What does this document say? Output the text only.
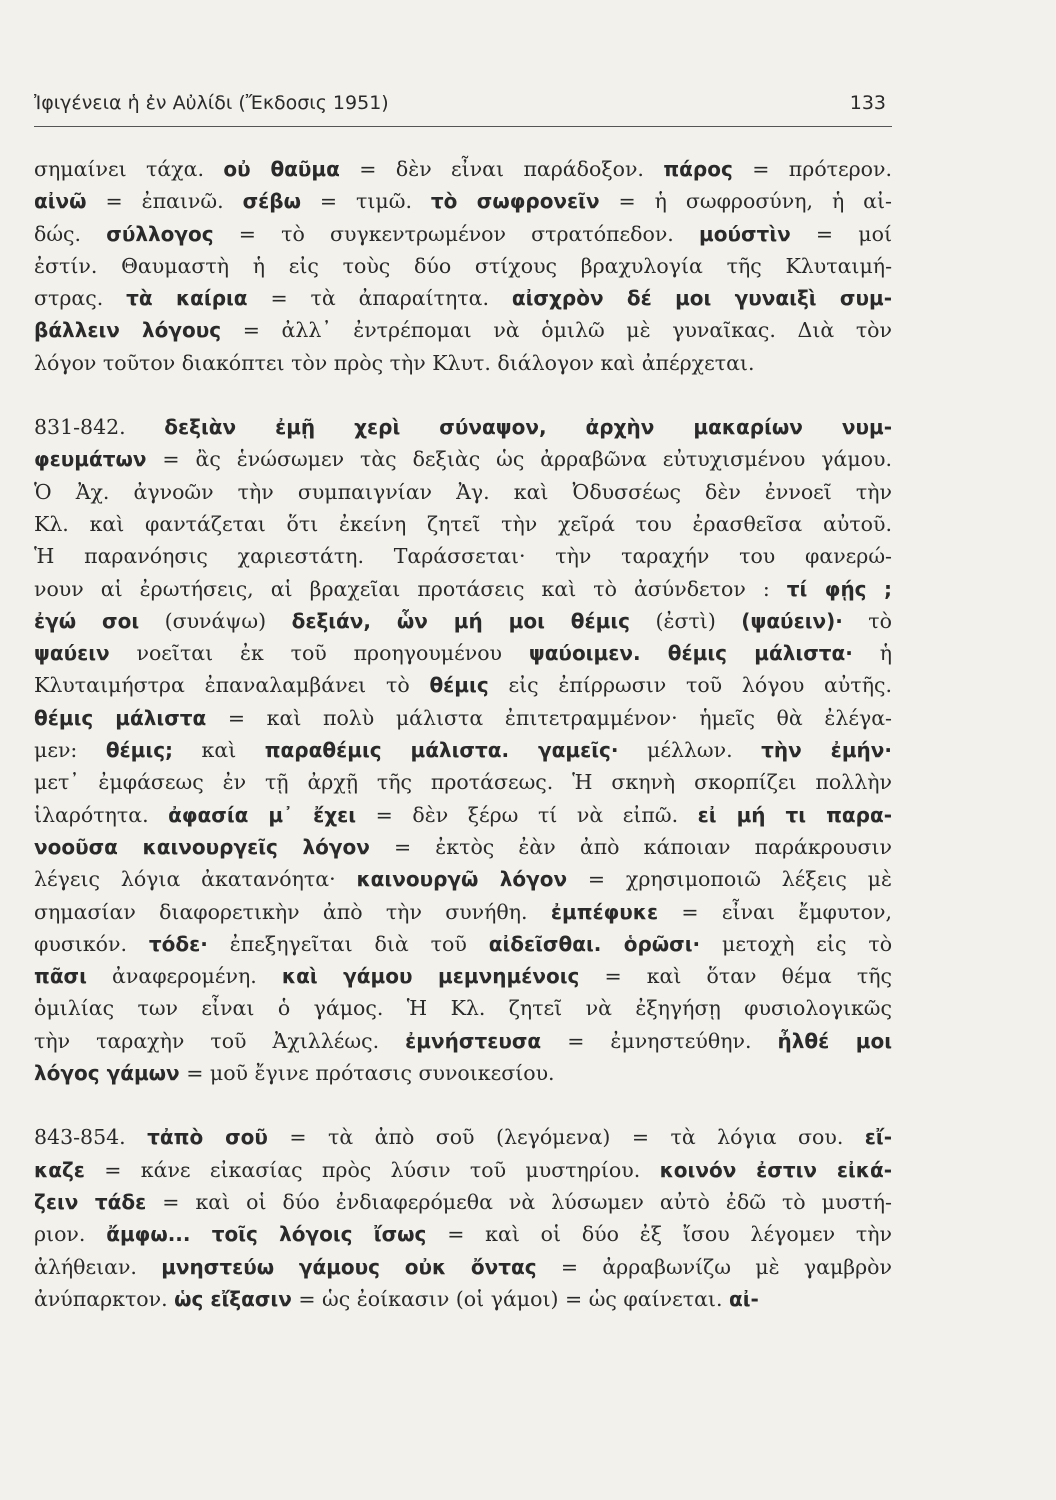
Ἰφιγένεια ἡ ἐν Αὐλίδι (Ἔκδοσις 1951)	133

σημαίνει τάχα. οὐ θαῦμα = δὲν εἶναι παράδοξον. πάρος = πρότερον.
αἰνῶ = ἐπαινῶ. σέβω = τιμῶ. τὸ σωφρονεῖν = ἡ σωφροσύνη, ἡ αἰ-
δώς. σύλλογος = τὸ συγκεντρωμένον στρατόπεδον. μούστὶν = μοί
ἐστίν. Θαυμαστὴ ἡ εἰς τοὺς δύο στίχους βραχυλογία τῆς Κλυταιμή-
στρας. τὰ καίρια = τὰ ἀπαραίτητα. αἰσχρὸν δέ μοι γυναιξὶ συμ-
βάλλειν λόγους = ἀλλ᾽ ἐντρέπομαι νὰ ὁμιλῶ μὲ γυναῖκας. Διὰ τὸν
λόγον τοῦτον διακόπτει τὸν πρὸς τὴν Κλυτ. διάλογον καὶ ἀπέρχεται.

831-842. δεξιὰν ἐμῇ χερὶ σύναψον, ἀρχὴν μακαρίων νυμ-
φευμάτων = ἂς ἑνώσωμεν τὰς δεξιὰς ὡς ἀρραβῶνα εὐτυχισμένου γάμου.
Ὁ Ἀχ. ἀγνοῶν τὴν συμπαιγνίαν Ἀγ. καὶ Ὀδυσσέως δὲν ἐννοεῖ τὴν
Κλ. καὶ φαντάζεται ὅτι ἐκείνη ζητεῖ τὴν χεῖρά του ἐρασθεῖσα αὐτοῦ.
Ἡ παρανόησις χαριεστάτη. Ταράσσεται· τὴν ταραχήν του φανερώ-
νουν αἱ ἐρωτήσεις, αἱ βραχεῖαι προτάσεις καὶ τὸ ἀσύνδετον : τί φῄς ;
ἐγώ σοι (συνάψω) δεξιάν, ὧν μή μοι θέμις (ἐστὶ) (ψαύειν)· τὸ
ψαύειν νοεῖται ἐκ τοῦ προηγουμένου ψαύοιμεν. θέμις μάλιστα· ἡ
Κλυταιμήστρα ἐπαναλαμβάνει τὸ θέμις εἰς ἐπίρρωσιν τοῦ λόγου αὐτῆς.
θέμις μάλιστα = καὶ πολὺ μάλιστα ἐπιτετραμμένον· ἡμεῖς θὰ ἐλέγα-
μεν: θέμις; καὶ παραθέμις μάλιστα. γαμεῖς· μέλλων. τὴν ἐμήν·
μετ᾽ ἐμφάσεως ἐν τῇ ἀρχῇ τῆς προτάσεως. Ἡ σκηνὴ σκορπίζει πολλὴν
ἱλαρότητα. ἀφασία μ᾽ ἔχει = δὲν ξέρω τί νὰ εἰπῶ. εἰ μή τι παρα-
νοοῦσα καινουργεῖς λόγον = ἐκτὸς ἐὰν ἀπὸ κάποιαν παράκρουσιν
λέγεις λόγια ἀκατανόητα· καινουργῶ λόγον = χρησιμοποιῶ λέξεις μὲ
σημασίαν διαφορετικὴν ἀπὸ τὴν συνήθη. ἐμπέφυκε = εἶναι ἔμφυτον,
φυσικόν. τόδε· ἐπεξηγεῖται διὰ τοῦ αἰδεῖσθαι. ὁρῶσι· μετοχὴ εἰς τὸ
πᾶσι ἀναφερομένη. καὶ γάμου μεμνημένοις = καὶ ὅταν θέμα τῆς
ὁμιλίας των εἶναι ὁ γάμος. Ἡ Κλ. ζητεῖ νὰ ἐξηγήσῃ φυσιολογικῶς
τὴν ταραχὴν τοῦ Ἀχιλλέως. ἐμνήστευσα = ἐμνηστεύθην. ἦλθέ μοι
λόγος γάμων = μοῦ ἔγινε πρότασις συνοικεσίου.

843-854. τἀπὸ σοῦ = τὰ ἀπὸ σοῦ (λεγόμενα) = τὰ λόγια σου. εἴ-
καζε = κάνε εἰκασίας πρὸς λύσιν τοῦ μυστηρίου. κοινόν ἐστιν εἰκά-
ζειν τάδε = καὶ οἱ δύο ἐνδιαφερόμεθα νὰ λύσωμεν αὐτὸ ἐδῶ τὸ μυστή-
ριον. ἄμφω... τοῖς λόγοις ἴσως = καὶ οἱ δύο ἐξ ἴσου λέγομεν τὴν
ἀλήθειαν. μνηστεύω γάμους οὐκ ὄντας = ἀρραβωνίζω μὲ γαμβρὸν
ἀνύπαρκτον. ὡς εἴξασιν = ὡς ἐοίκασιν (οἱ γάμοι) = ὡς φαίνεται. αἰ-
